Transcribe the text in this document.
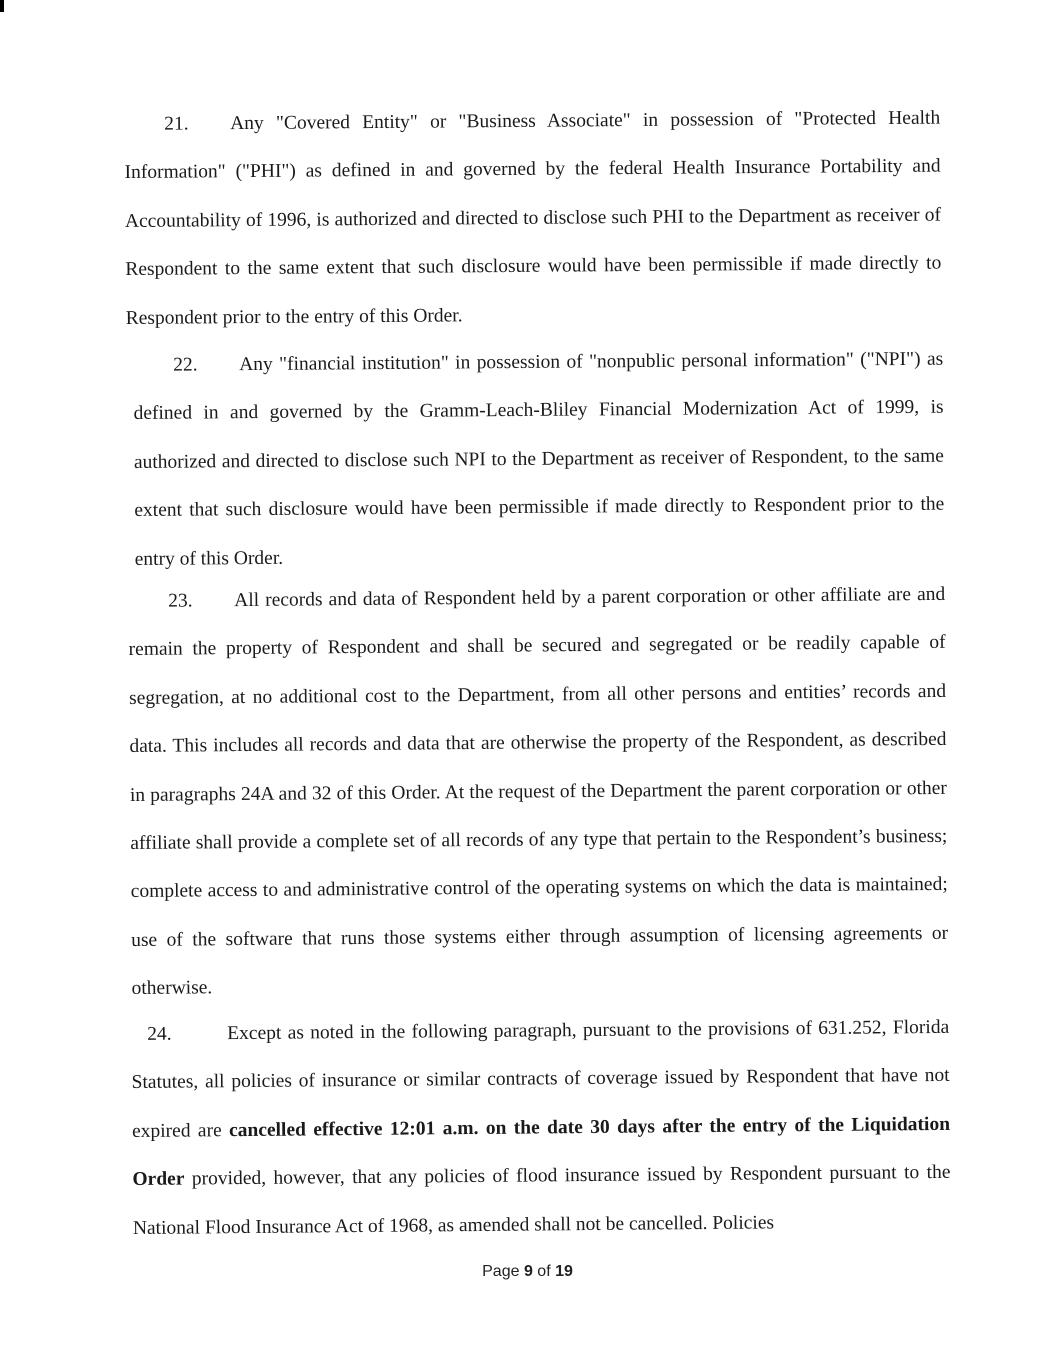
21. Any "Covered Entity" or "Business Associate" in possession of "Protected Health Information" ("PHI") as defined in and governed by the federal Health Insurance Portability and Accountability of 1996, is authorized and directed to disclose such PHI to the Department as receiver of Respondent to the same extent that such disclosure would have been permissible if made directly to Respondent prior to the entry of this Order.

22. Any "financial institution" in possession of "nonpublic personal information" ("NPI") as defined in and governed by the Gramm-Leach-Bliley Financial Modernization Act of 1999, is authorized and directed to disclose such NPI to the Department as receiver of Respondent, to the same extent that such disclosure would have been permissible if made directly to Respondent prior to the entry of this Order.

23. All records and data of Respondent held by a parent corporation or other affiliate are and remain the property of Respondent and shall be secured and segregated or be readily capable of segregation, at no additional cost to the Department, from all other persons and entities’ records and data. This includes all records and data that are otherwise the property of the Respondent, as described in paragraphs 24A and 32 of this Order. At the request of the Department the parent corporation or other affiliate shall provide a complete set of all records of any type that pertain to the Respondent’s business; complete access to and administrative control of the operating systems on which the data is maintained; use of the software that runs those systems either through assumption of licensing agreements or otherwise.

24.	Except as noted in the following paragraph, pursuant to the provisions of 631.252, Florida Statutes, all policies of insurance or similar contracts of coverage issued by Respondent that have not expired are cancelled effective 12:01 a.m. on the date 30 days after the entry of the Liquidation Order provided, however, that any policies of flood insurance issued by Respondent pursuant to the National Flood Insurance Act of 1968, as amended shall not be cancelled. Policies

Page 9 of 19
